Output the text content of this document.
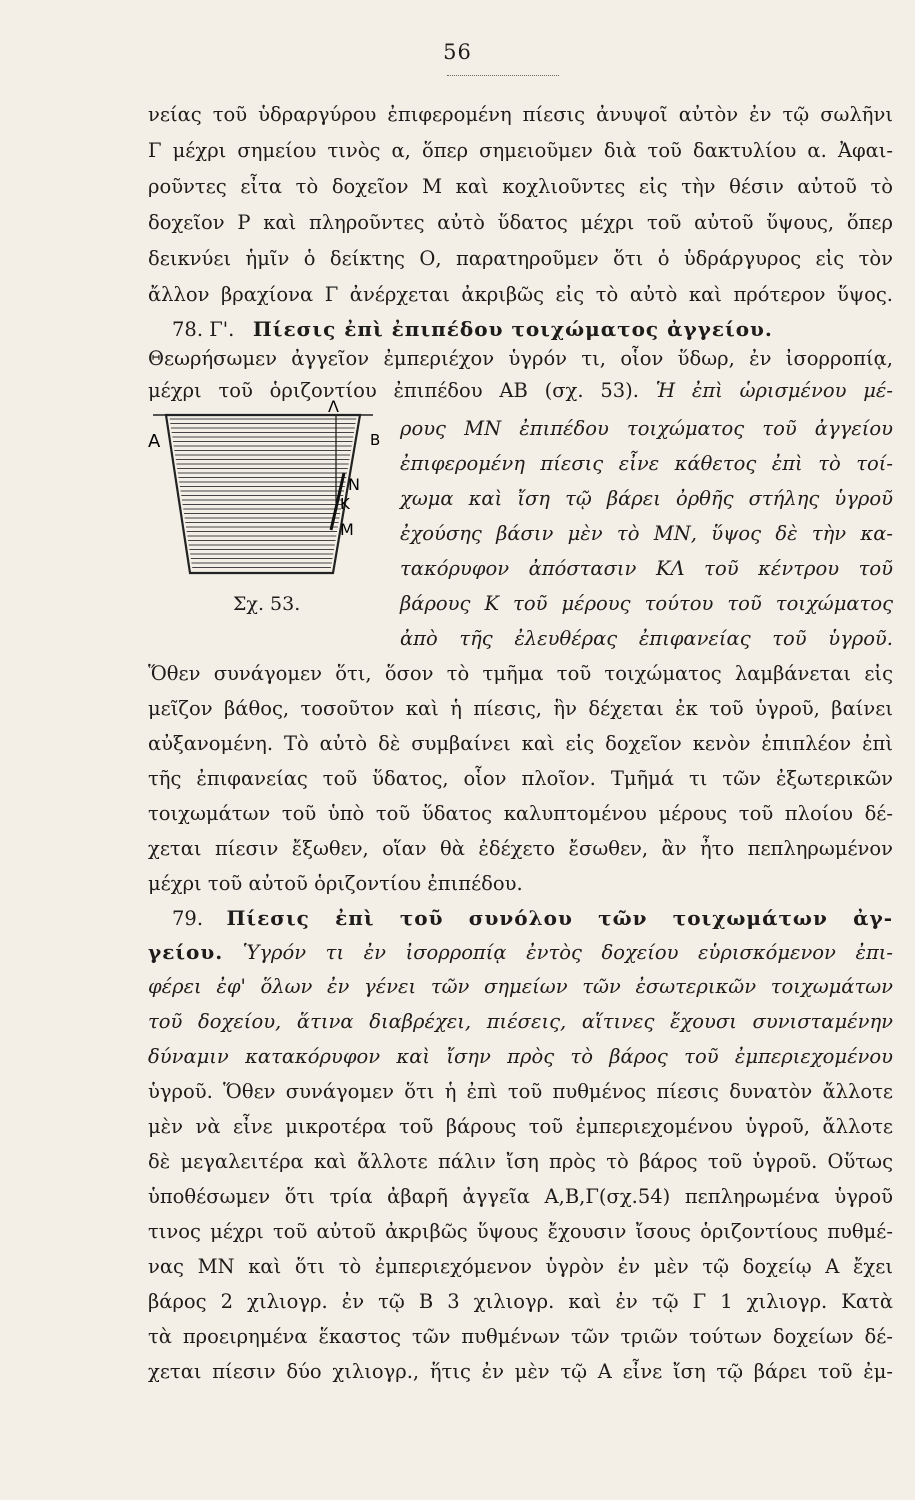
56
νείας τοῦ ὑδραργύρου ἐπιφερομένη πίεσις ἀνυψοῖ αὐτὸν ἐν τῷ σωλῆνι
Γ μέχρι σημείου τινὸς α, ὅπερ σημειοῦμεν διὰ τοῦ δακτυλίου α. Ἀφαι-
ροῦντες εἶτα τὸ δοχεῖον Μ καὶ κοχλιοῦντες εἰς τὴν θέσιν αὐτοῦ τὸ
δοχεῖον Ρ καὶ πληροῦντες αὐτὸ ὕδατος μέχρι τοῦ αὐτοῦ ὕψους, ὅπερ
δεικνύει ἡμῖν ὁ δείκτης Ο, παρατηροῦμεν ὅτι ὁ ὑδράργυρος εἰς τὸν
ἄλλον βραχίονα Γ ἀνέρχεται ἀκριβῶς εἰς τὸ αὐτὸ καὶ πρότερον ὕψος.
78. Γ'. Πίεσις ἐπὶ ἐπιπέδου τοιχώματος ἀγγείου.
Θεωρήσωμεν ἀγγεῖον ἐμπεριέχον ὑγρόν τι, οἷον ὕδωρ, ἐν ἰσορροπίᾳ,
μέχρι τοῦ ὁριζοντίου ἐπιπέδου ΑΒ (σχ. 53). Ἡ ἐπὶ ὡρισμένου μέ-
Α
Λ
Β
Ν
Κ
Μ
Σχ. 53.
ρους ΜΝ ἐπιπέδου τοιχώματος τοῦ ἀγγείου
ἐπιφερομένη πίεσις εἶνε κάθετος ἐπὶ τὸ τοί-
χωμα καὶ ἴση τῷ βάρει ὀρθῆς στήλης ὑγροῦ
ἐχούσης βάσιν μὲν τὸ ΜΝ, ὕψος δὲ τὴν κα-
τακόρυφον ἀπόστασιν ΚΛ τοῦ κέντρου τοῦ
βάρους Κ τοῦ μέρους τούτου τοῦ τοιχώματος
ἀπὸ τῆς ἐλευθέρας ἐπιφανείας τοῦ ὑγροῦ.
Ὅθεν συνάγομεν ὅτι, ὅσον τὸ τμῆμα τοῦ τοιχώματος λαμβάνεται εἰς
μεῖζον βάθος, τοσοῦτον καὶ ἡ πίεσις, ἣν δέχεται ἐκ τοῦ ὑγροῦ, βαίνει
αὐξανομένη. Τὸ αὐτὸ δὲ συμβαίνει καὶ εἰς δοχεῖον κενὸν ἐπιπλέον ἐπὶ
τῆς ἐπιφανείας τοῦ ὕδατος, οἷον πλοῖον. Τμῆμά τι τῶν ἐξωτερικῶν
τοιχωμάτων τοῦ ὑπὸ τοῦ ὕδατος καλυπτομένου μέρους τοῦ πλοίου δέ-
χεται πίεσιν ἔξωθεν, οἵαν θὰ ἐδέχετο ἔσωθεν, ἂν ἦτο πεπληρωμένον
μέχρι τοῦ αὐτοῦ ὁριζοντίου ἐπιπέδου.
79. Πίεσις ἐπὶ τοῦ συνόλου τῶν τοιχωμάτων ἀγ-
γείου. Ὑγρόν τι ἐν ἰσορροπίᾳ ἐντὸς δοχείου εὑρισκόμενον ἐπι-
φέρει ἐφ' ὅλων ἐν γένει τῶν σημείων τῶν ἐσωτερικῶν τοιχωμάτων
τοῦ δοχείου, ἅτινα διαβρέχει, πιέσεις, αἵτινες ἔχουσι συνισταμένην
δύναμιν κατακόρυφον καὶ ἴσην πρὸς τὸ βάρος τοῦ ἐμπεριεχομένου
ὑγροῦ. Ὅθεν συνάγομεν ὅτι ἡ ἐπὶ τοῦ πυθμένος πίεσις δυνατὸν ἄλλοτε
μὲν νὰ εἶνε μικροτέρα τοῦ βάρους τοῦ ἐμπεριεχομένου ὑγροῦ, ἄλλοτε
δὲ μεγαλειτέρα καὶ ἄλλοτε πάλιν ἴση πρὸς τὸ βάρος τοῦ ὑγροῦ. Οὕτως
ὑποθέσωμεν ὅτι τρία ἀβαρῆ ἀγγεῖα Α,Β,Γ(σχ.54) πεπληρωμένα ὑγροῦ
τινος μέχρι τοῦ αὐτοῦ ἀκριβῶς ὕψους ἔχουσιν ἴσους ὁριζοντίους πυθμέ-
νας ΜΝ καὶ ὅτι τὸ ἐμπεριεχόμενον ὑγρὸν ἐν μὲν τῷ δοχείῳ Α ἔχει
βάρος 2 χιλιογρ. ἐν τῷ Β 3 χιλιογρ. καὶ ἐν τῷ Γ 1 χιλιογρ. Κατὰ
τὰ προειρημένα ἕκαστος τῶν πυθμένων τῶν τριῶν τούτων δοχείων δέ-
χεται πίεσιν δύο χιλιογρ., ἥτις ἐν μὲν τῷ Α εἶνε ἴση τῷ βάρει τοῦ ἐμ-
